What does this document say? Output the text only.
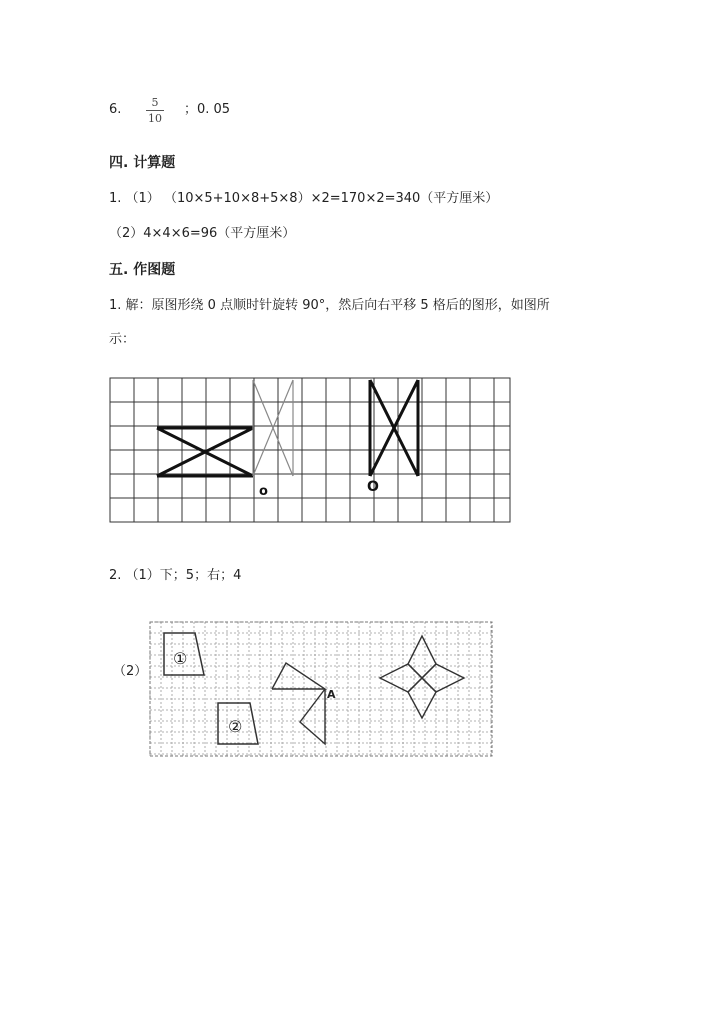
6.	5
10
；0. 05
四. 计算题
1. （1） （10×5+10×8+5×8）×2=170×2=340（平方厘米）
（2）4×4×6=96（平方厘米）
五. 作图题
1. 解：原图形绕 0 点顺时针旋转 90°，然后向右平移 5 格后的图形，如图所
示：
o	O
2. （1）下；5；右；4
（2）
①
②
A
